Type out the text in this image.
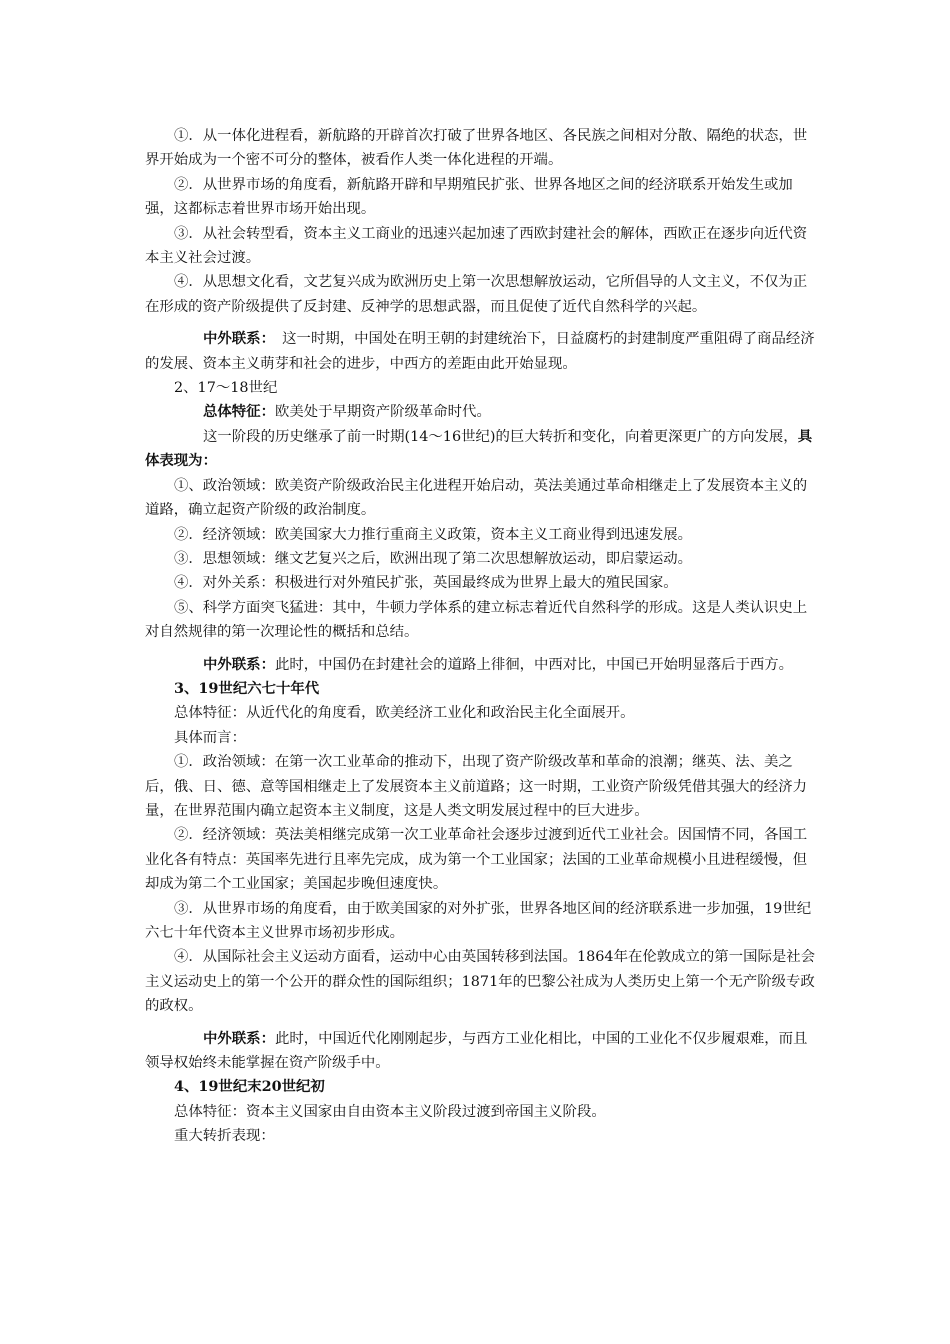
①．从一体化进程看，新航路的开辟首次打破了世界各地区、各民族之间相对分散、隔绝的状态，世界开始成为一个密不可分的整体，被看作人类一体化进程的开端。

②．从世界市场的角度看，新航路开辟和早期殖民扩张、世界各地区之间的经济联系开始发生或加强，这都标志着世界市场开始出现。

③．从社会转型看，资本主义工商业的迅速兴起加速了西欧封建社会的解体，西欧正在逐步向近代资本主义社会过渡。

④．从思想文化看，文艺复兴成为欧洲历史上第一次思想解放运动，它所倡导的人文主义，不仅为正在形成的资产阶级提供了反封建、反神学的思想武器，而且促使了近代自然科学的兴起。

中外联系：　这一时期，中国处在明王朝的封建统治下，日益腐朽的封建制度严重阻碍了商品经济的发展、资本主义萌芽和社会的进步，中西方的差距由此开始显现。

2、17～18世纪

总体特征：欧美处于早期资产阶级革命时代。

这一阶段的历史继承了前一时期(14～16世纪)的巨大转折和变化，向着更深更广的方向发展，具体表现为：

①、政治领域：欧美资产阶级政治民主化进程开始启动，英法美通过革命相继走上了发展资本主义的道路，确立起资产阶级的政治制度。

②．经济领域：欧美国家大力推行重商主义政策，资本主义工商业得到迅速发展。

③．思想领域：继文艺复兴之后，欧洲出现了第二次思想解放运动，即启蒙运动。

④．对外关系：积极进行对外殖民扩张，英国最终成为世界上最大的殖民国家。

⑤、科学方面突飞猛进：其中，牛顿力学体系的建立标志着近代自然科学的形成。这是人类认识史上对自然规律的第一次理论性的概括和总结。

中外联系：此时，中国仍在封建社会的道路上徘徊，中西对比，中国已开始明显落后于西方。

3、19世纪六七十年代

总体特征：从近代化的角度看，欧美经济工业化和政治民主化全面展开。

具体而言：

①．政治领域：在第一次工业革命的推动下，出现了资产阶级改革和革命的浪潮；继英、法、美之后，俄、日、德、意等国相继走上了发展资本主义前道路；这一时期，工业资产阶级凭借其强大的经济力量，在世界范围内确立起资本主义制度，这是人类文明发展过程中的巨大进步。

②．经济领域：英法美相继完成第一次工业革命社会逐步过渡到近代工业社会。因国情不同，各国工业化各有特点：英国率先进行且率先完成，成为第一个工业国家；法国的工业革命规模小且进程缓慢，但却成为第二个工业国家；美国起步晚但速度快。

③．从世界市场的角度看，由于欧美国家的对外扩张，世界各地区间的经济联系进一步加强，19世纪六七十年代资本主义世界市场初步形成。

④．从国际社会主义运动方面看，运动中心由英国转移到法国。1864年在伦敦成立的第一国际是社会主义运动史上的第一个公开的群众性的国际组织；1871年的巴黎公社成为人类历史上第一个无产阶级专政的政权。

中外联系：此时，中国近代化刚刚起步，与西方工业化相比，中国的工业化不仅步履艰难，而且领导权始终未能掌握在资产阶级手中。

4、19世纪末20世纪初

总体特征：资本主义国家由自由资本主义阶段过渡到帝国主义阶段。

重大转折表现：
